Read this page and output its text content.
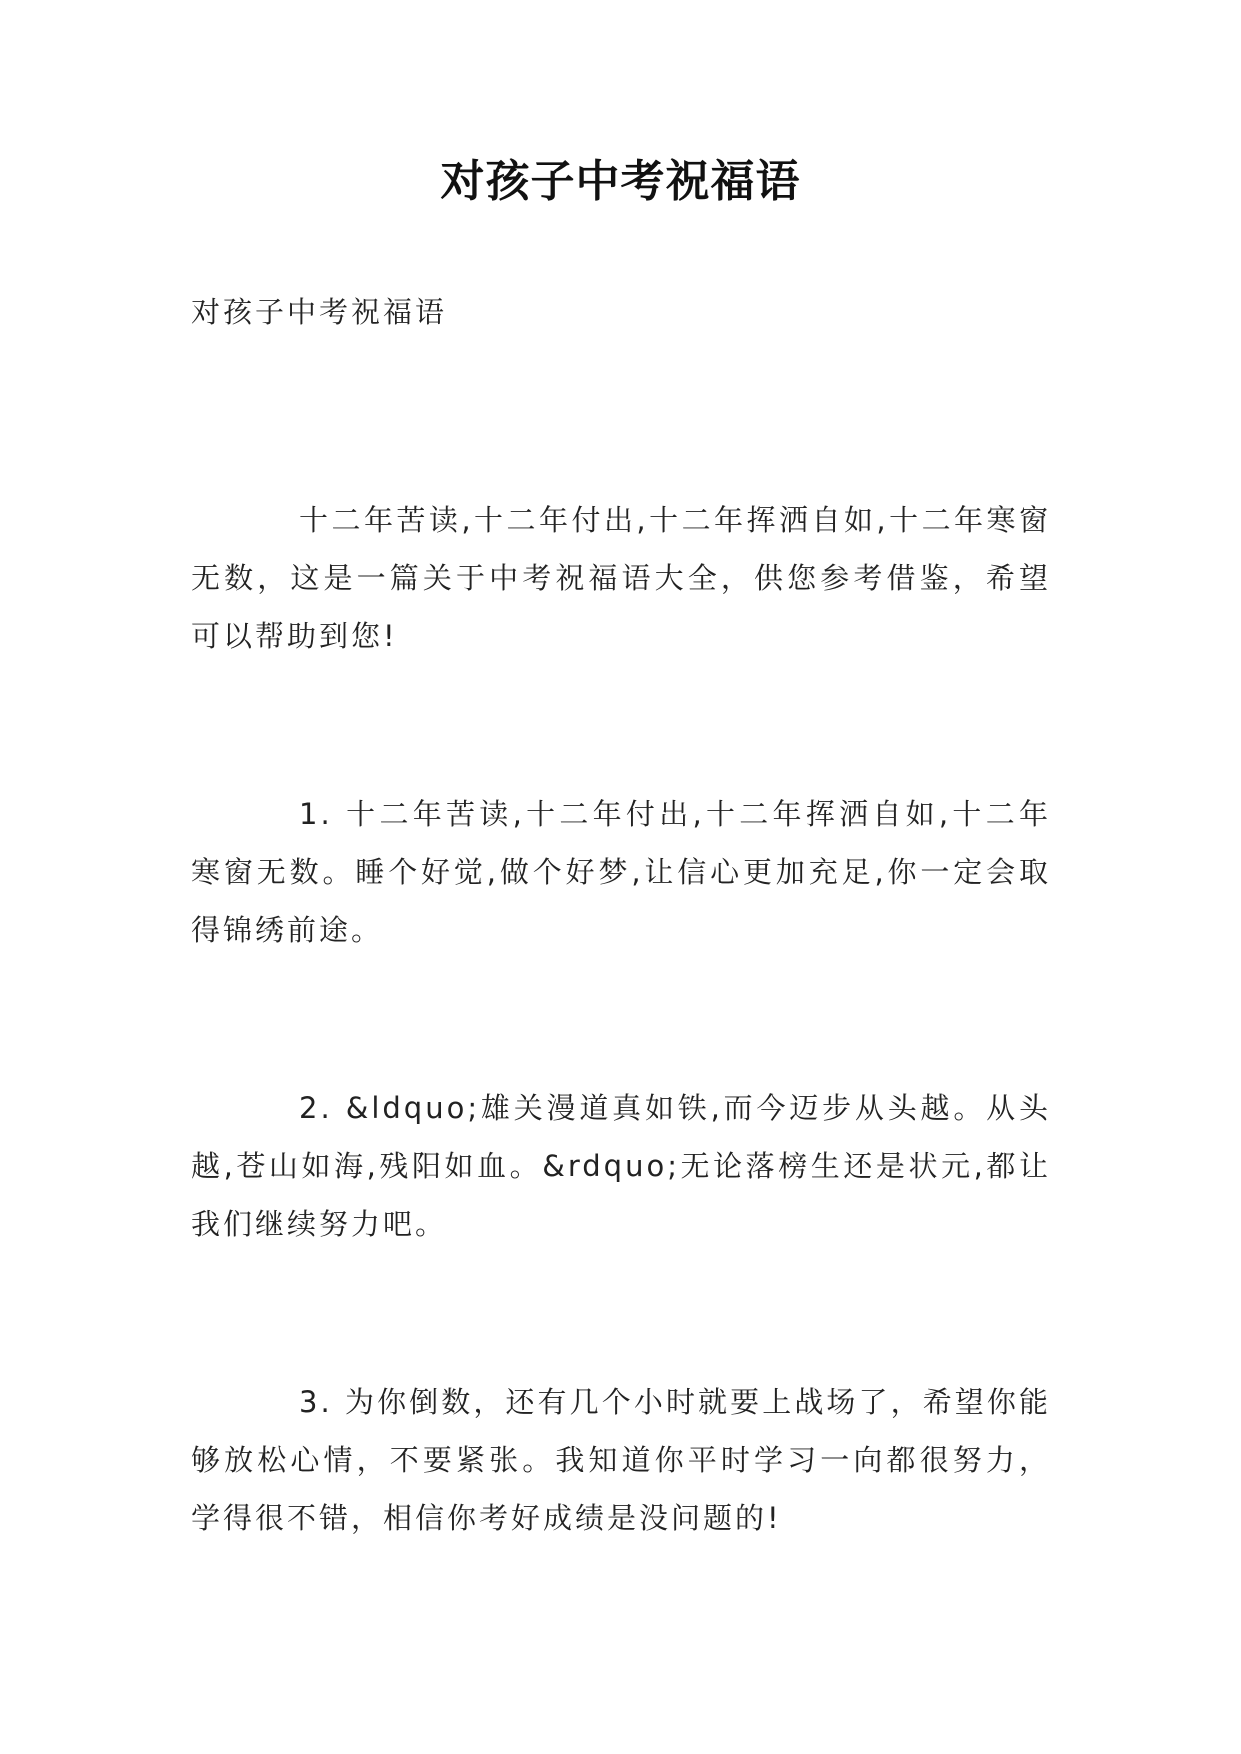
对孩子中考祝福语
对孩子中考祝福语

十二年苦读,十二年付出,十二年挥洒自如,十二年寒窗无数，这是一篇关于中考祝福语大全，供您参考借鉴，希望可以帮助到您!

1. 十二年苦读,十二年付出,十二年挥洒自如,十二年寒窗无数。睡个好觉,做个好梦,让信心更加充足,你一定会取得锦绣前途。

2. &ldquo;雄关漫道真如铁,而今迈步从头越。从头越,苍山如海,残阳如血。&rdquo;无论落榜生还是状元,都让我们继续努力吧。

3. 为你倒数，还有几个小时就要上战场了，希望你能够放松心情，不要紧张。我知道你平时学习一向都很努力，学得很不错，相信你考好成绩是没问题的!
